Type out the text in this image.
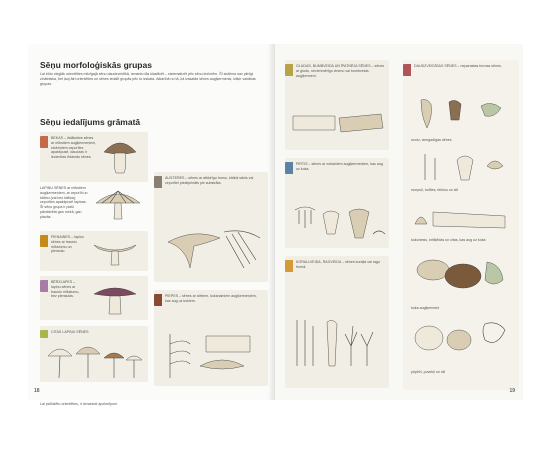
Sēņu morfoloģiskās grupas
Lai būtu vieglāk orientēties milzīgajā sēņu daudzveidībā, izmanto tās klasificēt – sistematizēt pēc sēņu iezīmēm. Šī sistēma nav pilnīgi zinātniska, bet ļauj ātri orientēties un sēnes iedalīt grupās pēc to izskata. Atkarībā no tā, kā izskatās sēnes augļķermenis, izšķir vairākas grupas.
Sēņu iedalījums grāmatā
BEKAS – lielākoties sēnes ar mīkstiem augļķermeņiem, stobriņiem cepurītes apakšpusē, daudzas ir iecienītas ēdamās sēnes.
LAPIŅU SĒNES ar mīkstiem augļķermeņiem, ar cepurīti un kātiņu (vai bez kātiņa); cepurītes apakšpusē lapiņas. Šī sēņu grupa ir plaši pārstāvēta gan mežā, gan pļavās.
PIENAINES – lapiņu sēnes ar trauslu mīkstumu un piensulu.
BĒRZLAPES – lapiņu sēnes ar trauslu mīkstumu, bez piensulas.
CITAS LAPIŅU SĒNES
AUSTERES – sēnes ar atšķirīgu formu, kātiņš sānis vai cepurītei piestiprināts pie substrāta.
PIEPES – sēnes ar cietiem, koksnainiem augļķermeņiem, kas aug uz kokiem.
Lai palīdzētu orientēties, ir izmantoti apzīmējumi.
18
GLUDAS, BUMBVEIDA UN ĪPATNĒJA SĒNES – sēnes ar gludu, nevienmērīgu virsmu vai bumbveida augļķermeni.
PIRTIS – sēnes ar zobainiem augļķermeņiem, kas aug uz koka.
KORALLVEIDA, RAGVEIDA – sēnes koraļļa vai ragu formā.
DAUDZVEIDĪGAS SĒNES – neparastas formas sēnes.
ozolu, viengadīgas sēnes
rumpuļi, lodītes, bikšņu un citi
kokonesis, kritiķēdas un citas, kas aug uz koka
koka augļķermeņi
pūpēži, puvekļi un citi
19
